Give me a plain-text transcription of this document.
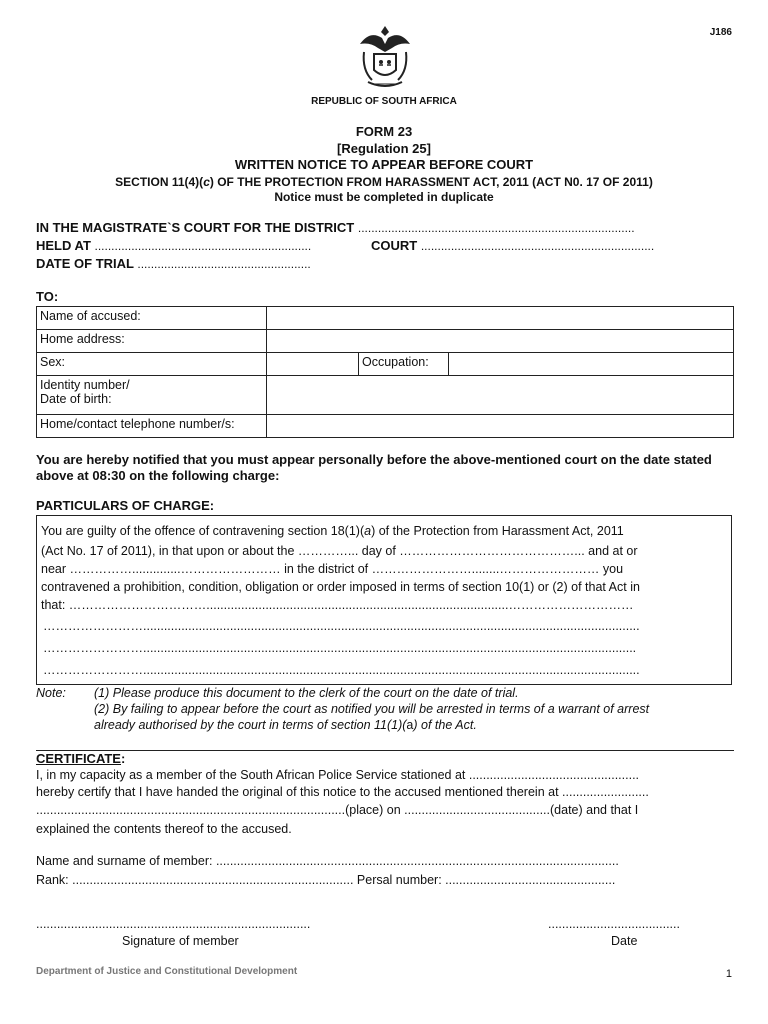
J186
REPUBLIC OF SOUTH AFRICA
FORM 23
[Regulation 25]
WRITTEN NOTICE TO APPEAR BEFORE COURT
SECTION 11(4)(c) OF THE PROTECTION FROM HARASSMENT ACT, 2011 (ACT N0. 17 OF 2011)
Notice must be completed in duplicate
IN THE MAGISTRATE`S COURT FOR THE DISTRICT ...................................................................................
HELD AT .................................................................	COURT ......................................................................
DATE OF TRIAL ....................................................
TO:
Name of accused:			
Home address:			
Sex:		Occupation:	

Identity number/
Date of birth:			

Home/contact telephone number/s:			
You are hereby notified that you must appear personally before the above-mentioned court on the date stated above at 08:30 on the following charge:
PARTICULARS OF CHARGE:
You are guilty of the offence of contravening section 18(1)(a) of the Protection from Harassment Act, 2011
(Act No. 17 of 2011), in that upon or about the …………... day of ……………………………………... and at or
near ……………..............…………………… in the district of ……………………........…………………… you
contravened a prohibition, condition, obligation or order imposed in terms of section 10(1) or (2) of that Act in
that: …………………………….......................................................................................…………………………
……………………...............................................................................................................................................
……………………..............................................................................................................................................
……………………...............................................................................................................................................
Note: (1) Please produce this document to the clerk of the court on the date of trial.
(2) By failing to appear before the court as notified you will be arrested in terms of a warrant of arrest
already authorised by the court in terms of section 11(1)(a) of the Act.
CERTIFICATE:
I, in my capacity as a member of the South African Police Service stationed at .................................................
hereby certify that I have handed the original of this notice to the accused mentioned therein at .........................
.........................................................................................(place) on ..........................................(date) and that I
explained the contents thereof to the accused.
Name and surname of member: ....................................................................................................................
Rank: ................................................................................. Persal number: .................................................
...............................................................................	......................................
Signature of member	Date
Department of Justice and Constitutional Development	1
